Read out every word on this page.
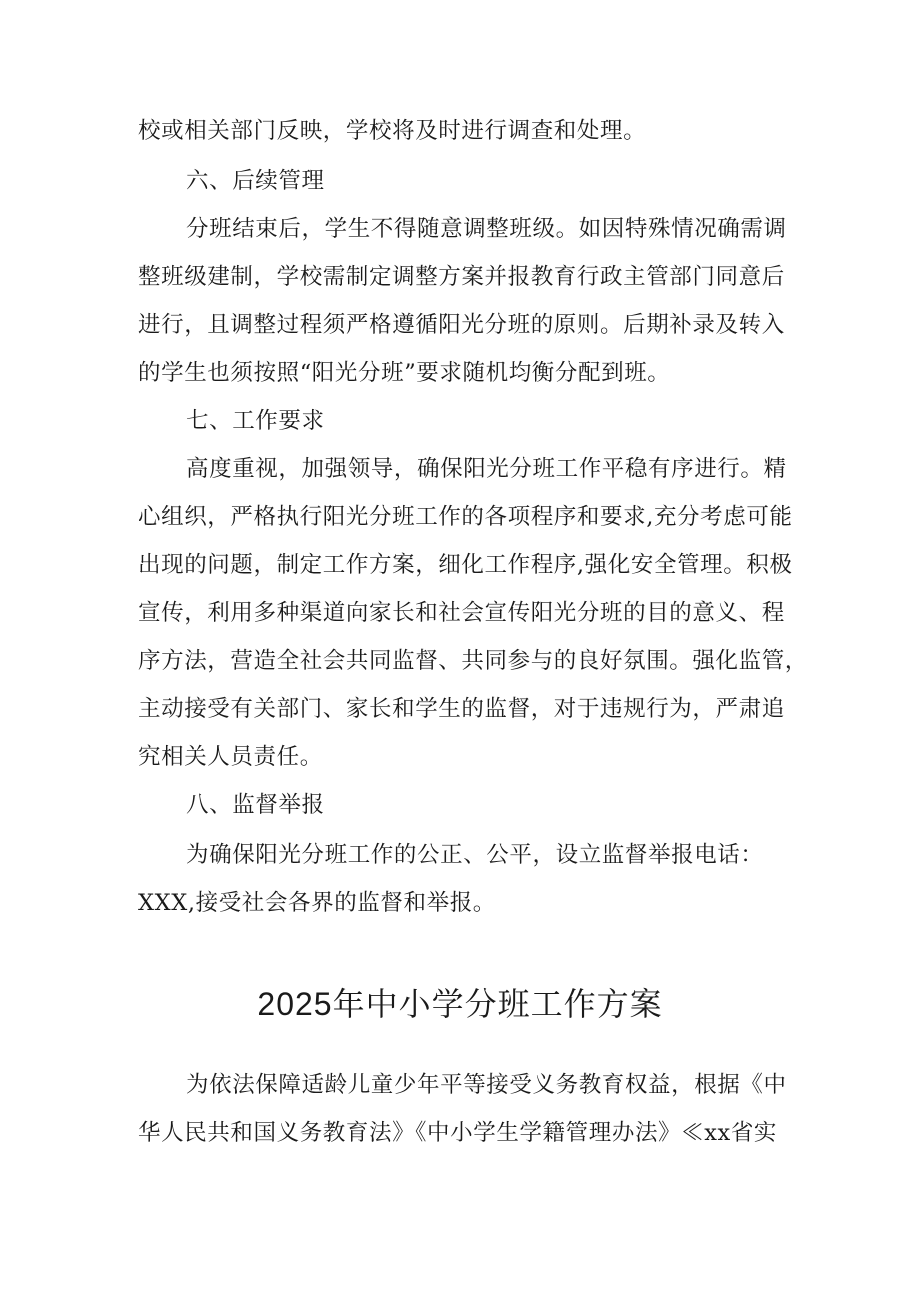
校或相关部门反映，学校将及时进行调查和处理。
六、后续管理
分班结束后，学生不得随意调整班级。如因特殊情况确需调
整班级建制，学校需制定调整方案并报教育行政主管部门同意后
进行，且调整过程须严格遵循阳光分班的原则。后期补录及转入
的学生也须按照“阳光分班”要求随机均衡分配到班。
七、工作要求
高度重视，加强领导，确保阳光分班工作平稳有序进行。精
心组织，严格执行阳光分班工作的各项程序和要求,充分考虑可能
出现的问题，制定工作方案，细化工作程序,强化安全管理。积极
宣传，利用多种渠道向家长和社会宣传阳光分班的目的意义、程
序方法，营造全社会共同监督、共同参与的良好氛围。强化监管，
主动接受有关部门、家长和学生的监督，对于违规行为，严肃追
究相关人员责任。
八、监督举报
为确保阳光分班工作的公正、公平，设立监督举报电话：
XXX,接受社会各界的监督和举报。
2025年中小学分班工作方案
为依法保障适龄儿童少年平等接受义务教育权益，根据《中
华人民共和国义务教育法》《中小学生学籍管理办法》≪xx省实
